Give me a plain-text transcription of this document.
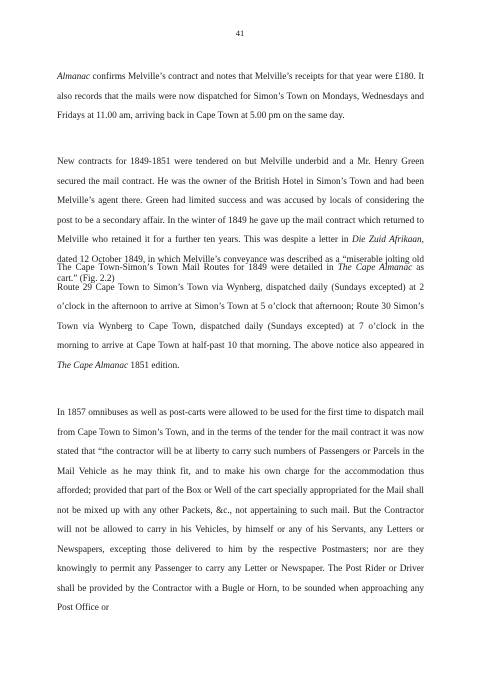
41

Almanac confirms Melville’s contract and notes that Melville’s receipts for that year were £180. It also records that the mails were now dispatched for Simon’s Town on Mondays, Wednesdays and Fridays at 11.00 am, arriving back in Cape Town at 5.00 pm on the same day.

New contracts for 1849-1851 were tendered on but Melville underbid and a Mr. Henry Green secured the mail contract. He was the owner of the British Hotel in Simon’s Town and had been Melville’s agent there. Green had limited success and was accused by locals of considering the post to be a secondary affair. In the winter of 1849 he gave up the mail contract which returned to Melville who retained it for a further ten years. This was despite a letter in Die Zuid Afrikaan, dated 12 October 1849, in which Melville’s conveyance was described as a “miserable jolting old cart.” (Fig. 2.2)

The Cape Town-Simon’s Town Mail Routes for 1849 were detailed in The Cape Almanac as Route 29 Cape Town to Simon’s Town via Wynberg, dispatched daily (Sundays excepted) at 2 o’clock in the afternoon to arrive at Simon’s Town at 5 o’clock that afternoon; Route 30 Simon’s Town via Wynberg to Cape Town, dispatched daily (Sundays excepted) at 7 o’clock in the morning to arrive at Cape Town at half-past 10 that morning. The above notice also appeared in The Cape Almanac 1851 edition.

In 1857 omnibuses as well as post-carts were allowed to be used for the first time to dispatch mail from Cape Town to Simon’s Town, and in the terms of the tender for the mail contract it was now stated that “the contractor will be at liberty to carry such numbers of Passengers or Parcels in the Mail Vehicle as he may think fit, and to make his own charge for the accommodation thus afforded; provided that part of the Box or Well of the cart specially appropriated for the Mail shall not be mixed up with any other Packets, &c., not appertaining to such mail. But the Contractor will not be allowed to carry in his Vehicles, by himself or any of his Servants, any Letters or Newspapers, excepting those delivered to him by the respective Postmasters; nor are they knowingly to permit any Passenger to carry any Letter or Newspaper. The Post Rider or Driver shall be provided by the Contractor with a Bugle or Horn, to be sounded when approaching any Post Office or
